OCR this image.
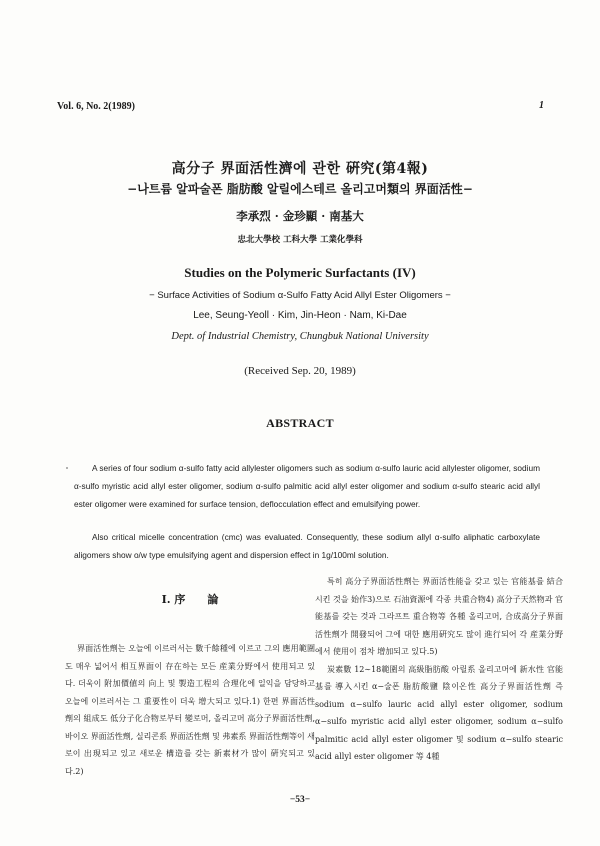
Vol. 6, No. 2(1989)	1
高分子 界面活性濟에 관한 硏究(第4報)
−나트륨 알파술폰 脂肪酸 알릴에스테르 올리고머類의 界面活性−
李承烈 · 金珍顯 · 南基大
忠北大學校 工科大學 工業化學科
Studies on the Polymeric Surfactants (IV)
− Surface Activities of Sodium α-Sulfo Fatty Acid Allyl Ester Oligomers −
Lee, Seung-Yeoll · Kim, Jin-Heon · Nam, Ki-Dae
Dept. of Industrial Chemistry, Chungbuk National University
(Received Sep. 20, 1989)
ABSTRACT

A series of four sodium α-sulfo fatty acid allylester oligomers such as sodium α-sulfo lauric acid allylester oligomer, sodium α-sulfo myristic acid allyl ester oligomer, sodium α-sulfo palmitic acid allyl ester oligomer and sodium α-sulfo stearic acid allyl ester oligomer were examined for surface tension, deflocculation effect and emulsifying power.

Also critical micelle concentration (cmc) was evaluated. Consequently, these sodium allyl α-sulfo aliphatic carboxylate aligomers show o/w type emulsifying agent and dispersion effect in 1g/100ml solution.

Ⅰ. 序　　論

界面活性劑는 오늘에 이르러서는 數千餘種에 이르고 그의 應用範圍도 매우 넓어서 相互界面이 存在하는 모든 産業分野에서 使用되고 있다. 더욱이 附加價値의 向上 및 製造工程의 合理化에 일익을 담당하고 오늘에 이르러서는 그 重要性이 더욱 增大되고 있다.1) 한편 界面活性劑의 組成도 低分子化合物로부터 變로머, 올리고머 高分子界面活性劑, 바이오 界面活性劑, 실리콘系 界面活性劑 및 弗素系 界面活性劑等이 새로이 出現되고 있고 새로운 構造를 갖는 新素材가 많이 硏究되고 있다.2)

특히 高分子界面活性劑는 界面活性能을 갖고 있는 官能基를 結合시킨 것을 始作3)으로 石油資源에 각종 共重合物4) 高分子天然物과 官能基를 갖는 것과 그라프트 重合物等 各種 올리고머, 合成高分子界面活性劑가 開發되어 그에 대한 應用硏究도 많이 進行되어 각 産業分野에서 使用이 점차 增加되고 있다.5)

炭素數 12∼18範圍의 高級脂肪酸 아릴系 올리고머에 新水性 官能基를 導入시킨 α−술폰 脂肪酸鹽 陰이온性 高分子界面活性劑 즉 sodium α−sulfo lauric acid allyl ester oligomer, sodium α−sulfo myristic acid allyl ester oligomer, sodium α−sulfo palmitic acid allyl ester oligomer 및 sodium α−sulfo stearic acid allyl ester oligomer 等 4種

−53−
